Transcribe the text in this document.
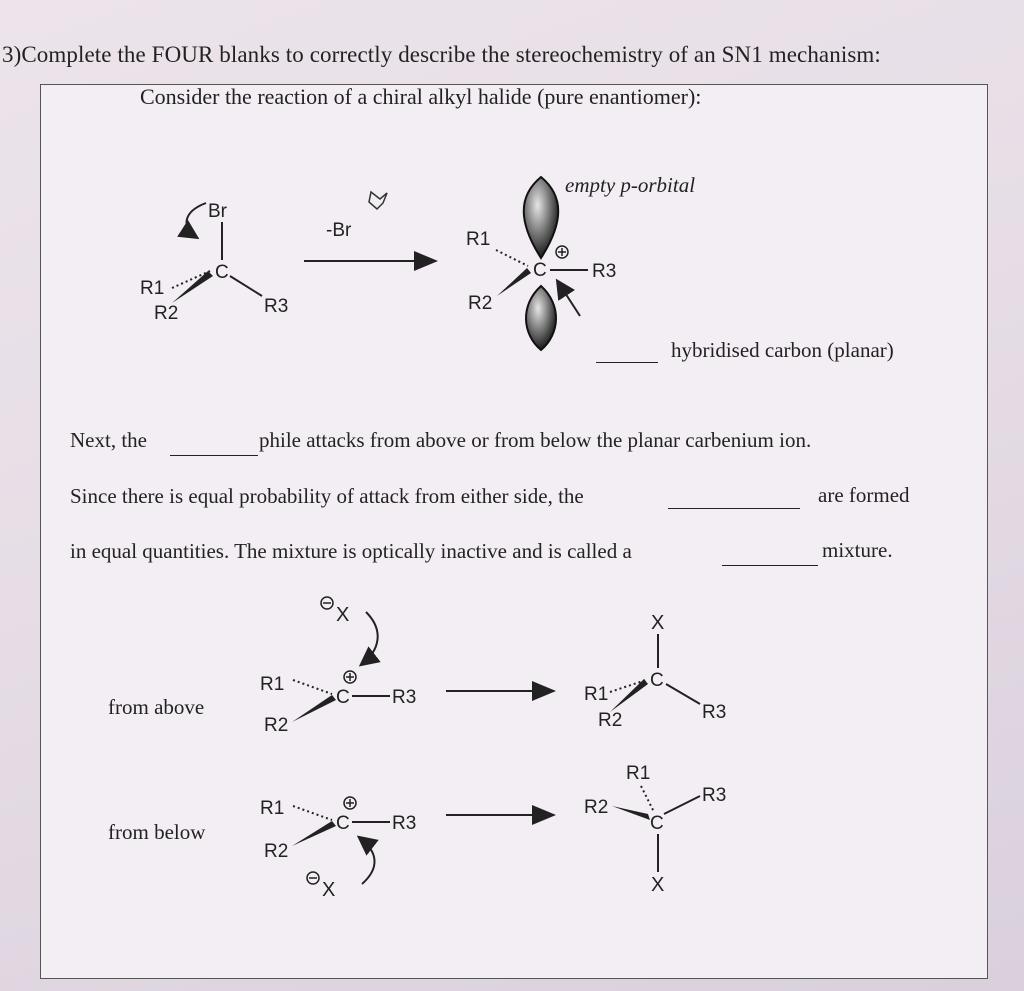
3)Complete the FOUR blanks to correctly describe the stereochemistry of an SN1 mechanism:
Consider the reaction of a chiral alkyl halide (pure enantiomer):
empty p-orbital
hybridised carbon (planar)
Next, the	phile attacks from above or from below the planar carbenium ion.
Since there is equal probability of attack from either side, the	are formed
in equal quantities. The mixture is optically inactive and is called a	mixture.
from above
from below
Br
C
R1
R2	R3
-Br
C
R1
R2
R3
X
R1
C R3
R2
X
C
R1
R2	R3
R1
C R3
R2
X
R1
C
R2
R3
X
